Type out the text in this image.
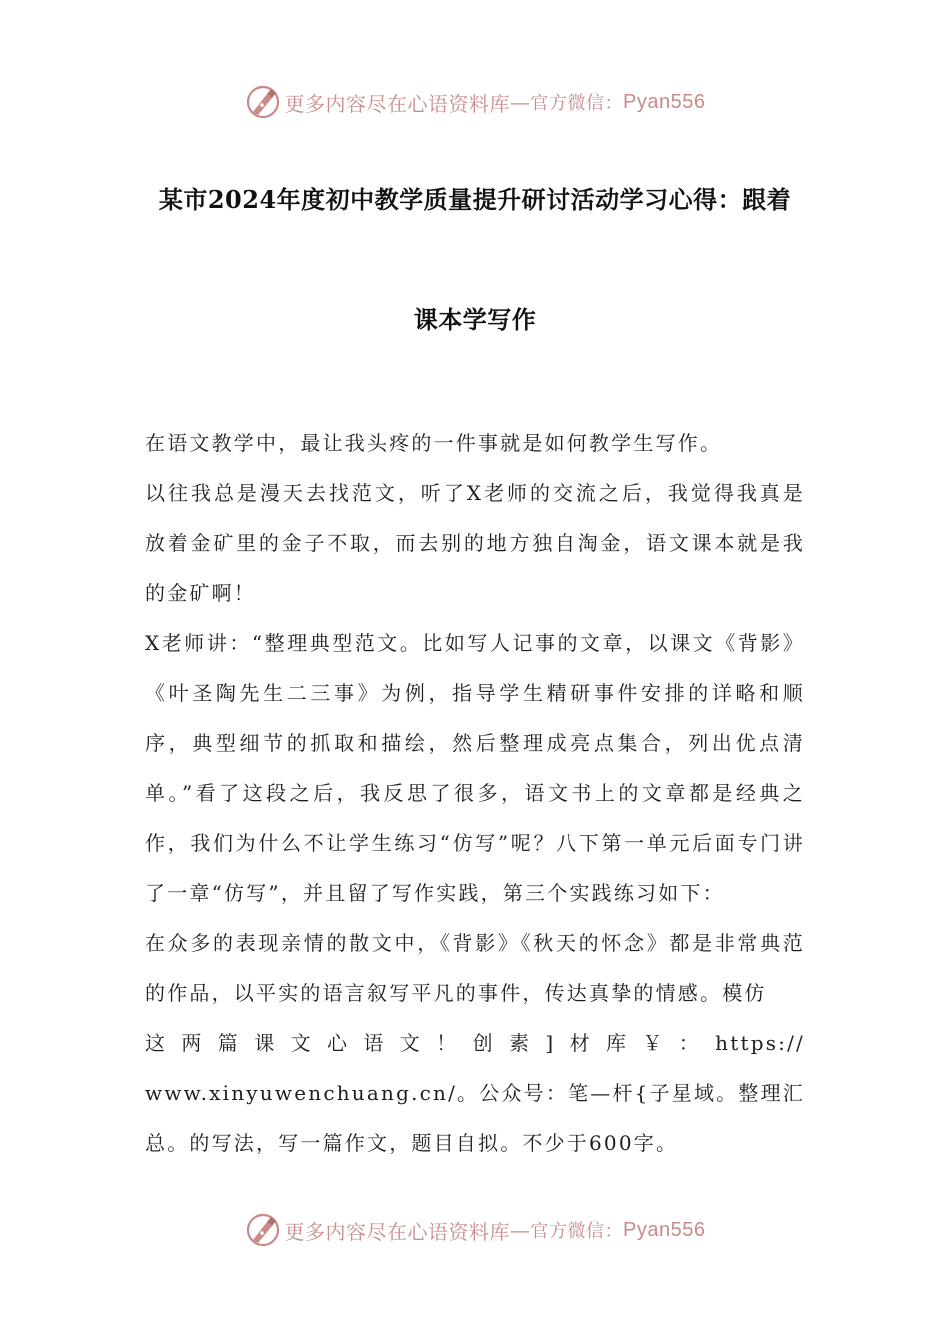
更多内容尽在心语资料库 — 官方微信： Pyan556
某市2024年度初中教学质量提升研讨活动学习心得：跟着
课本学写作

在语文教学中，最让我头疼的一件事就是如何教学生写作。

以往我总是漫天去找范文，听了X老师的交流之后，我觉得我真是放着金矿里的金子不取，而去别的地方独自淘金，语文课本就是我的金矿啊！

X老师讲：“整理典型范文。比如写人记事的文章，以课文《背影》《叶圣陶先生二三事》为例，指导学生精研事件安排的详略和顺序，典型细节的抓取和描绘，然后整理成亮点集合，列出优点清单。”看了这段之后，我反思了很多，语文书上的文章都是经典之作，我们为什么不让学生练习“仿写”呢？八下第一单元后面专门讲了一章“仿写”，并且留了写作实践，第三个实践练习如下：

在众多的表现亲情的散文中，《背影》《秋天的怀念》都是非常典范的作品，以平实的语言叙写平凡的事件，传达真挚的情感。模仿

这两篇课文心语文！创素]材库￥：https://

www.xinyuwenchuang.cn/。公众号：笔—杆{子星域。整理汇总。的写法，写一篇作文，题目自拟。不少于600字。

更多内容尽在心语资料库 — 官方微信： Pyan556
